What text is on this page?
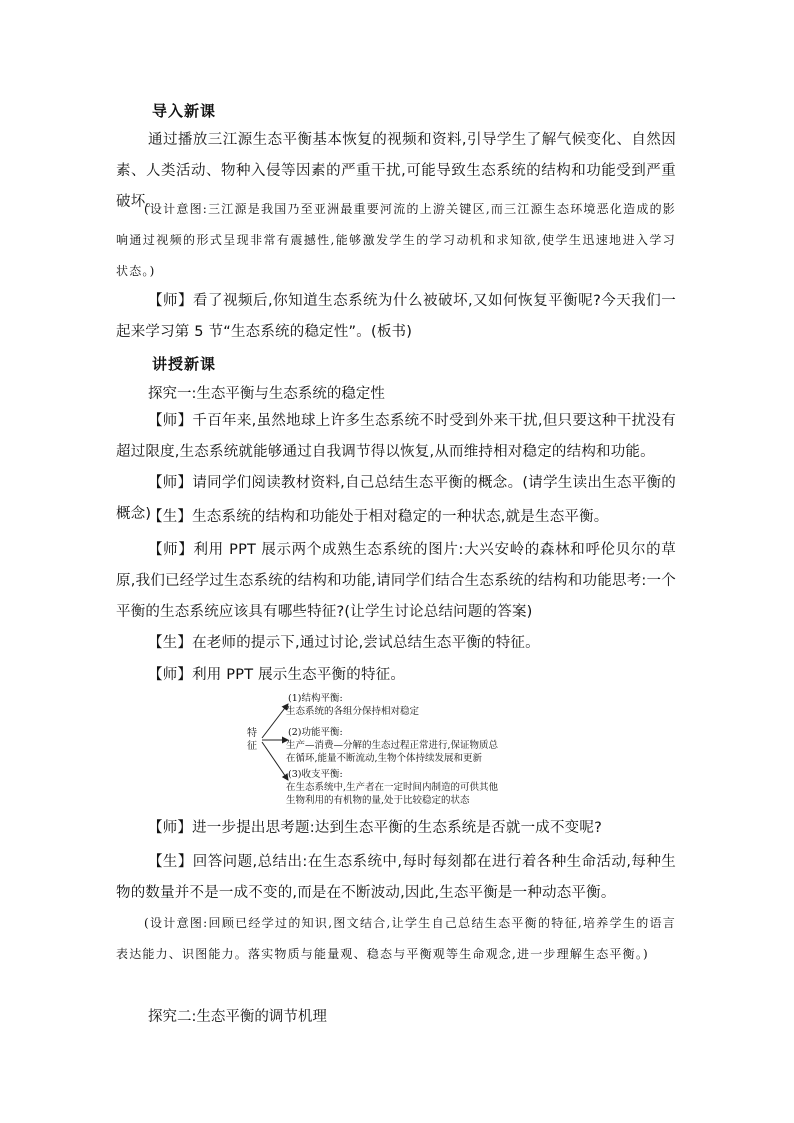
导入新课
通过播放三江源生态平衡基本恢复的视频和资料,引导学生了解气候变化、自然因素、人类活动、物种入侵等因素的严重干扰,可能导致生态系统的结构和功能受到严重破坏。
(设计意图:三江源是我国乃至亚洲最重要河流的上游关键区,而三江源生态环境恶化造成的影响通过视频的形式呈现非常有震撼性,能够激发学生的学习动机和求知欲,使学生迅速地进入学习状态。)
【师】看了视频后,你知道生态系统为什么被破坏,又如何恢复平衡呢?今天我们一起来学习第 5 节“生态系统的稳定性”。(板书)
讲授新课
探究一:生态平衡与生态系统的稳定性
【师】千百年来,虽然地球上许多生态系统不时受到外来干扰,但只要这种干扰没有超过限度,生态系统就能够通过自我调节得以恢复,从而维持相对稳定的结构和功能。
【师】请同学们阅读教材资料,自己总结生态平衡的概念。(请学生读出生态平衡的概念)
【生】生态系统的结构和功能处于相对稳定的一种状态,就是生态平衡。
【师】利用 PPT 展示两个成熟生态系统的图片:大兴安岭的森林和呼伦贝尔的草原,我们已经学过生态系统的结构和功能,请同学们结合生态系统的结构和功能思考:一个平衡的生态系统应该具有哪些特征?(让学生讨论总结问题的答案)
【生】在老师的提示下,通过讨论,尝试总结生态平衡的特征。
【师】利用 PPT 展示生态平衡的特征。
特
征
(1)结构平衡:
生态系统的各组分保持相对稳定
(2)功能平衡:
生产—消费—分解的生态过程正常进行,保证物质总
在循环,能量不断流动,生物个体持续发展和更新
(3)收支平衡:
在生态系统中,生产者在一定时间内制造的可供其他
生物利用的有机物的量,处于比较稳定的状态
【师】进一步提出思考题:达到生态平衡的生态系统是否就一成不变呢?
【生】回答问题,总结出:在生态系统中,每时每刻都在进行着各种生命活动,每种生物的数量并不是一成不变的,而是在不断波动,因此,生态平衡是一种动态平衡。
(设计意图:回顾已经学过的知识,图文结合,让学生自己总结生态平衡的特征,培养学生的语言表达能力、识图能力。落实物质与能量观、稳态与平衡观等生命观念,进一步理解生态平衡。)
探究二:生态平衡的调节机理
